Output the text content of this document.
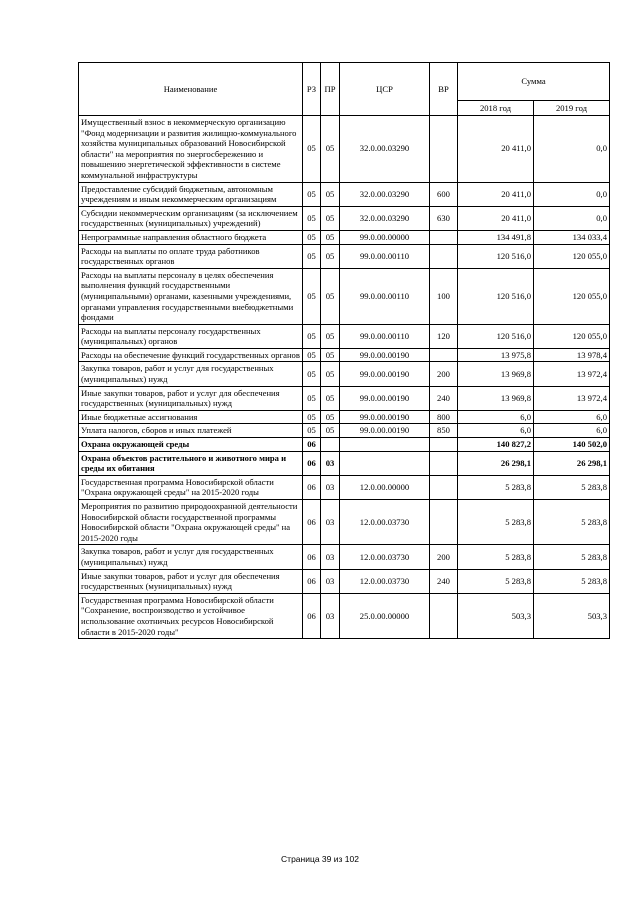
Наименование	РЗ	ПР	ЦСР	ВР	Сумма	
					2018 год	2019 год
Имущественный взнос в некоммерческую организацию "Фонд модернизации и развития жилищно-коммунального хозяйства муниципальных образований Новосибирской области" на мероприятия по энергосбережению и повышению энергетической эффективности в системе коммунальной инфраструктуры	05	05	32.0.00.03290		20 411,0	0,0
Предоставление субсидий бюджетным, автономным учреждениям и иным некоммерческим организациям	05	05	32.0.00.03290	600	20 411,0	0,0
Субсидии некоммерческим организациям (за исключением государственных (муниципальных) учреждений)	05	05	32.0.00.03290	630	20 411,0	0,0
Непрограммные направления областного бюджета	05	05	99.0.00.00000		134 491,8	134 033,4
Расходы на выплаты по оплате труда работников государственных органов	05	05	99.0.00.00110		120 516,0	120 055,0
Расходы на выплаты персоналу в целях обеспечения выполнения функций государственными (муниципальными) органами, казенными учреждениями, органами управления государственными внебюджетными фондами	05	05	99.0.00.00110	100	120 516,0	120 055,0
Расходы на выплаты персоналу государственных (муниципальных) органов	05	05	99.0.00.00110	120	120 516,0	120 055,0
Расходы на обеспечение функций государственных органов	05	05	99.0.00.00190		13 975,8	13 978,4
Закупка товаров, работ и услуг для государственных (муниципальных) нужд	05	05	99.0.00.00190	200	13 969,8	13 972,4
Иные закупки товаров, работ и услуг для обеспечения государственных (муниципальных) нужд	05	05	99.0.00.00190	240	13 969,8	13 972,4
Иные бюджетные ассигнования	05	05	99.0.00.00190	800	6,0	6,0
Уплата налогов, сборов и иных платежей	05	05	99.0.00.00190	850	6,0	6,0
Охрана окружающей среды	06				140 827,2	140 502,0
Охрана объектов растительного и животного мира и среды их обитания	06	03			26 298,1	26 298,1
Государственная программа Новосибирской области "Охрана окружающей среды" на 2015-2020 годы	06	03	12.0.00.00000		5 283,8	5 283,8
Мероприятия по развитию природоохранной деятельности Новосибирской области государственной программы Новосибирской области "Охрана окружающей среды" на 2015-2020 годы	06	03	12.0.00.03730		5 283,8	5 283,8
Закупка товаров, работ и услуг для государственных (муниципальных) нужд	06	03	12.0.00.03730	200	5 283,8	5 283,8
Иные закупки товаров, работ и услуг для обеспечения государственных (муниципальных) нужд	06	03	12.0.00.03730	240	5 283,8	5 283,8
Государственная программа Новосибирской области "Сохранение, воспроизводство и устойчивое использование охотничьих ресурсов Новосибирской области в 2015-2020 годы"	06	03	25.0.00.00000		503,3	503,3
Страница 39 из 102
